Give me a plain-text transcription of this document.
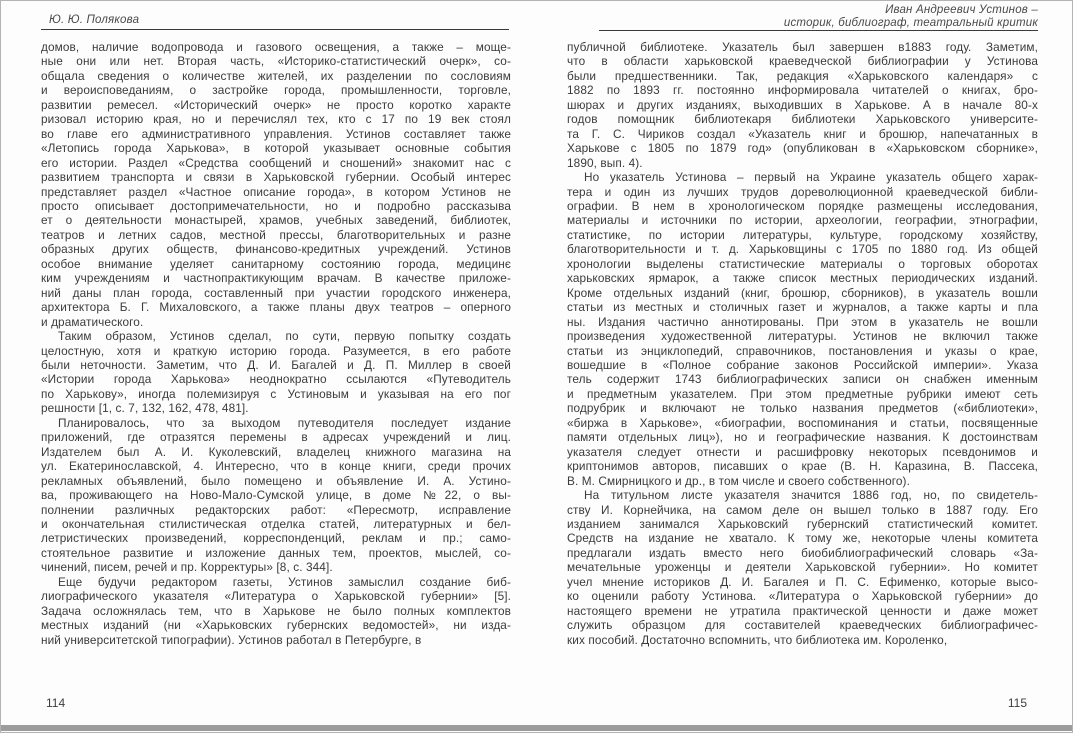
Ю. Ю. Полякова
Иван Андреевич Устинов –
историк, библиограф, театральный критик
домов, наличие водопровода и газового освещения, а также – моще-
ные они или нет. Вторая часть, «Историко-статистический очерк», со-
общала сведения о количестве жителей, их разделении по сословиям
и вероисповеданиям, о застройке города, промышленности, торговле,
развитии ремесел. «Исторический очерк» не просто коротко характе
ризовал историю края, но и перечислял тех, кто с 17 по 19 век стоял
во главе его административного управления. Устинов составляет также
«Летопись города Харькова», в которой указывает основные события
его истории. Раздел «Средства сообщений и сношений» знакомит нас с
развитием транспорта и связи в Харьковской губернии. Особый интерес
представляет раздел «Частное описание города», в котором Устинов не
просто описывает достопримечательности, но и подробно рассказыва
ет о деятельности монастырей, храмов, учебных заведений, библиотек,
театров и летних садов, местной прессы, благотворительных и разне
образных других обществ, финансово-кредитных учреждений. Устинов
особое внимание уделяет санитарному состоянию города, медицинє
ким учреждениям и частнопрактикующим врачам. В качестве приложе-
ний даны план города, составленный при участии городского инженера,
архитектора Б. Г. Михаловского, а также планы двух театров – оперного
и драматического.
Таким образом, Устинов сделал, по сути, первую попытку создать
целостную, хотя и краткую историю города. Разумеется, в его работе
были неточности. Заметим, что Д. И. Багалей и Д. П. Миллер в своей
«Истории города Харькова» неоднократно ссылаются «Путеводитель
по Харькову», иногда полемизируя с Устиновым и указывая на его пог
решности [1, с. 7, 132, 162, 478, 481].
Планировалось, что за выходом путеводителя последует издание
приложений, где отразятся перемены в адресах учреждений и лиц.
Издателем был А. И. Куколевский, владелец книжного магазина на
ул. Екатеринославской, 4. Интересно, что в конце книги, среди прочих
рекламных объявлений, было помещено и объявление И. А. Устино-
ва, проживающего на Ново-Мало-Сумской улице, в доме №22, о вы-
полнении различных редакторских работ: «Пересмотр, исправление
и окончательная стилистическая отделка статей, литературных и бел-
летристических произведений, корреспонденций, реклам и пр.; само-
стоятельное развитие и изложение данных тем, проектов, мыслей, со-
чинений, писем, речей и пр. Корректуры» [8, с. 344].
Еще будучи редактором газеты, Устинов замыслил создание биб-
лиографического указателя «Литература о Харьковской губернии» [5].
Задача осложнялась тем, что в Харькове не было полных комплектов
местных изданий (ни «Харьковских губернских ведомостей», ни изда-
ний университетской типографии). Устинов работал в Петербурге, в
публичной библиотеке. Указатель был завершен в1883 году. Заметим,
что в области харьковской краеведческой библиографии у Устинова
были предшественники. Так, редакция «Харьковского календаря» с
1882 по 1893 гг. постоянно информировала читателей о книгах, бро-
шюрах и других изданиях, выходивших в Харькове. А в начале 80-х
годов помощник библиотекаря библиотеки Харьковского университе-
та Г. С. Чириков создал «Указатель книг и брошюр, напечатанных в
Харькове с 1805 по 1879 год» (опубликован в «Харьковском сборнике»,
1890, вып. 4).
Но указатель Устинова – первый на Украине указатель общего харак-
тера и один из лучших трудов дореволюционной краеведческой библи-
ографии. В нем в хронологическом порядке размещены исследования,
материалы и источники по истории, археологии, географии, этнографии,
статистике, по истории литературы, культуре, городскому хозяйству,
благотворительности и т. д. Харьковщины с 1705 по 1880 год. Из общей
хронологии выделены статистические материалы о торговых оборотах
харьковских ярмарок, а также список местных периодических изданий.
Кроме отдельных изданий (книг, брошюр, сборников), в указатель вошли
статьи из местных и столичных газет и журналов, а также карты и пла
ны. Издания частично аннотированы. При этом в указатель не вошли
произведения художественной литературы. Устинов не включил также
статьи из энциклопедий, справочников, постановления и указы о крае,
вошедшие в «Полное собрание законов Российской империи». Указа
тель содержит 1743 библиографических записи он снабжен именным
и предметным указателем. При этом предметные рубрики имеют сеть
подрубрик и включают не только названия предметов («библиотеки»,
«биржа в Харькове», «биографии, воспоминания и статьи, посвященные
памяти отдельных лиц»), но и географические названия. К достоинствам
указателя следует отнести и расшифровку некоторых псевдонимов и
криптонимов авторов, писавших о крае (В. Н. Каразина, В. Пассека,
В. М. Смирницкого и др., в том числе и своего собственного).
На титульном листе указателя значится 1886 год, но, по свидетель-
ству И. Корнейчика, на самом деле он вышел только в 1887 году. Его
изданием занимался Харьковский губернский статистический комитет.
Средств на издание не хватало. К тому же, некоторые члены комитета
предлагали издать вместо него биобиблиографический словарь «За-
мечательные уроженцы и деятели Харьковской губернии». Но комитет
учел мнение историков Д. И. Багалея и П. С. Ефименко, которые высо-
ко оценили работу Устинова. «Литература о Харьковской губернии» до
настоящего времени не утратила практической ценности и даже может
служить образцом для составителей краеведческих библиографичес-
ких пособий. Достаточно вспомнить, что библиотека им. Короленко,
114	115
